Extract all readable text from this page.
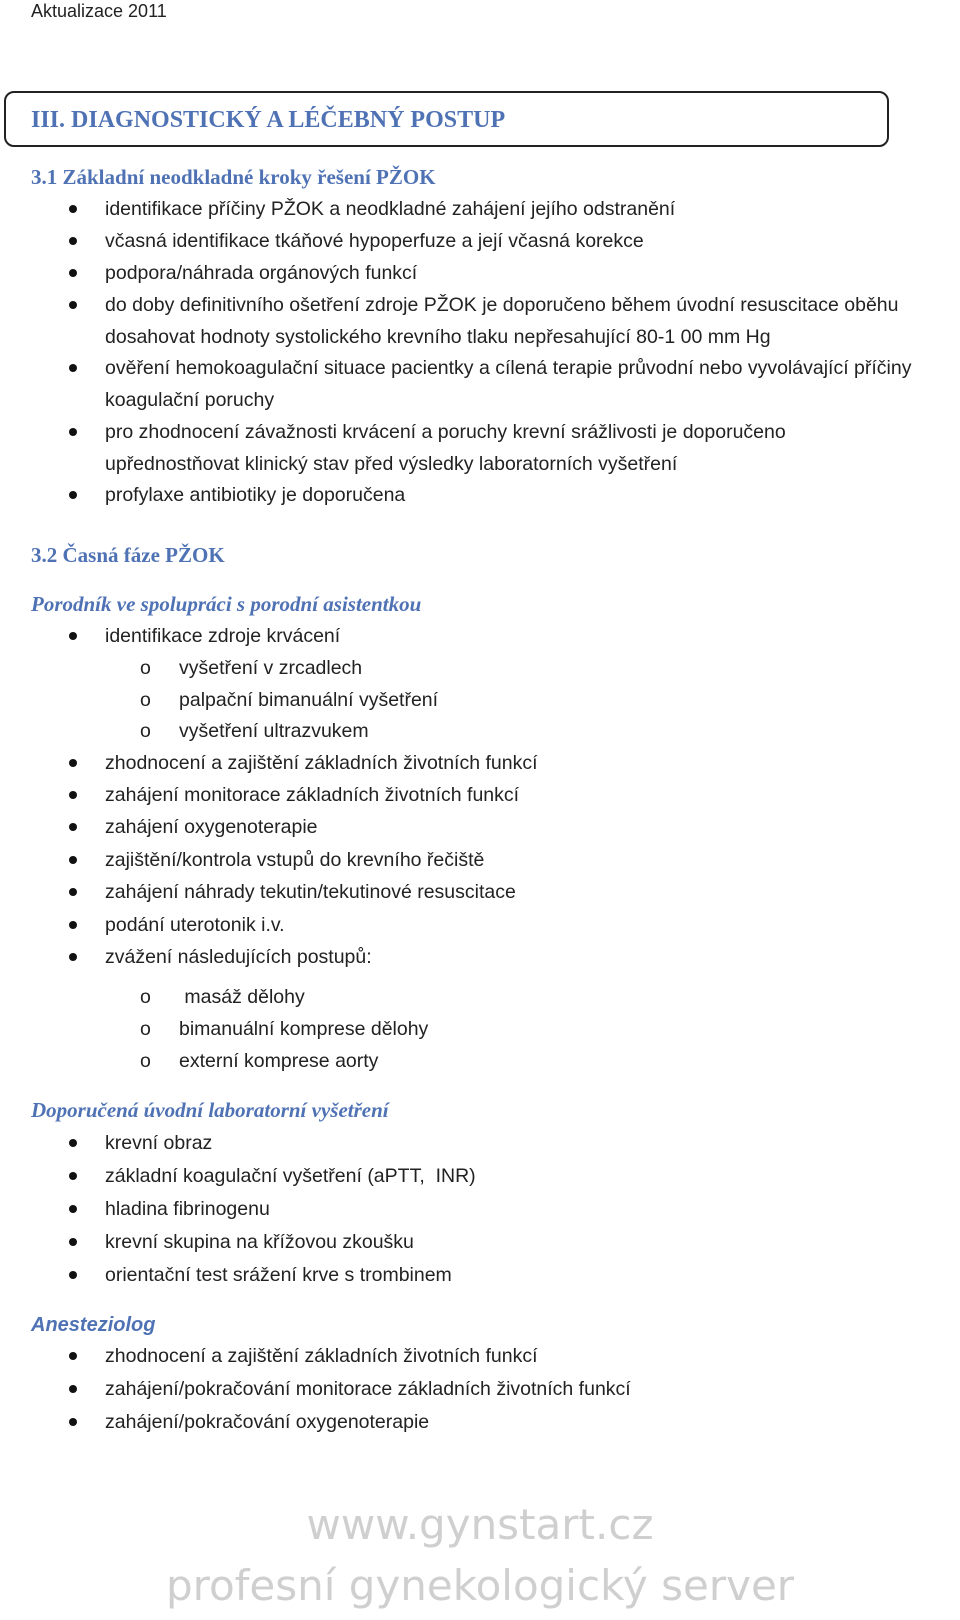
Aktualizace 2011
III. DIAGNOSTICKÝ A LÉČEBNÝ POSTUP
3.1 Základní neodkladné kroky řešení PŽOK
identifikace příčiny PŽOK a neodkladné zahájení jejího odstranění
včasná identifikace tkáňové hypoperfuze a její včasná korekce
podpora/náhrada orgánových funkcí
do doby definitivního ošetření zdroje PŽOK je doporučeno během úvodní resuscitace oběhu
dosahovat hodnoty systolického krevního tlaku nepřesahující 80-1 00 mm Hg
ověření hemokoagulační situace pacientky a cílená terapie průvodní nebo vyvolávající příčiny
koagulační poruchy
pro zhodnocení závažnosti krvácení a poruchy krevní srážlivosti je doporučeno
upřednostňovat klinický stav před výsledky laboratorních vyšetření
profylaxe antibiotiky je doporučena
3.2 Časná fáze PŽOK
Porodník ve spolupráci s porodní asistentkou
identifikace zdroje krvácení
o vyšetření v zrcadlech
o palpační bimanuální vyšetření
o vyšetření ultrazvukem
zhodnocení a zajištění základních životních funkcí
zahájení monitorace základních životních funkcí
zahájení oxygenoterapie
zajištění/kontrola vstupů do krevního řečiště
zahájení náhrady tekutin/tekutinové resuscitace
podání uterotonik i.v.
zvážení následujících postupů:
o masáž dělohy
o bimanuální komprese dělohy
o externí komprese aorty
Doporučená úvodní laboratorní vyšetření
krevní obraz
základní koagulační vyšetření (aPTT,  INR)
hladina fibrinogenu
krevní skupina na křížovou zkoušku
orientační test srážení krve s trombinem
Anesteziolog
zhodnocení a zajištění základních životních funkcí
zahájení/pokračování monitorace základních životních funkcí
zahájení/pokračování oxygenoterapie
www.gynstart.cz
profesní gynekologický server
